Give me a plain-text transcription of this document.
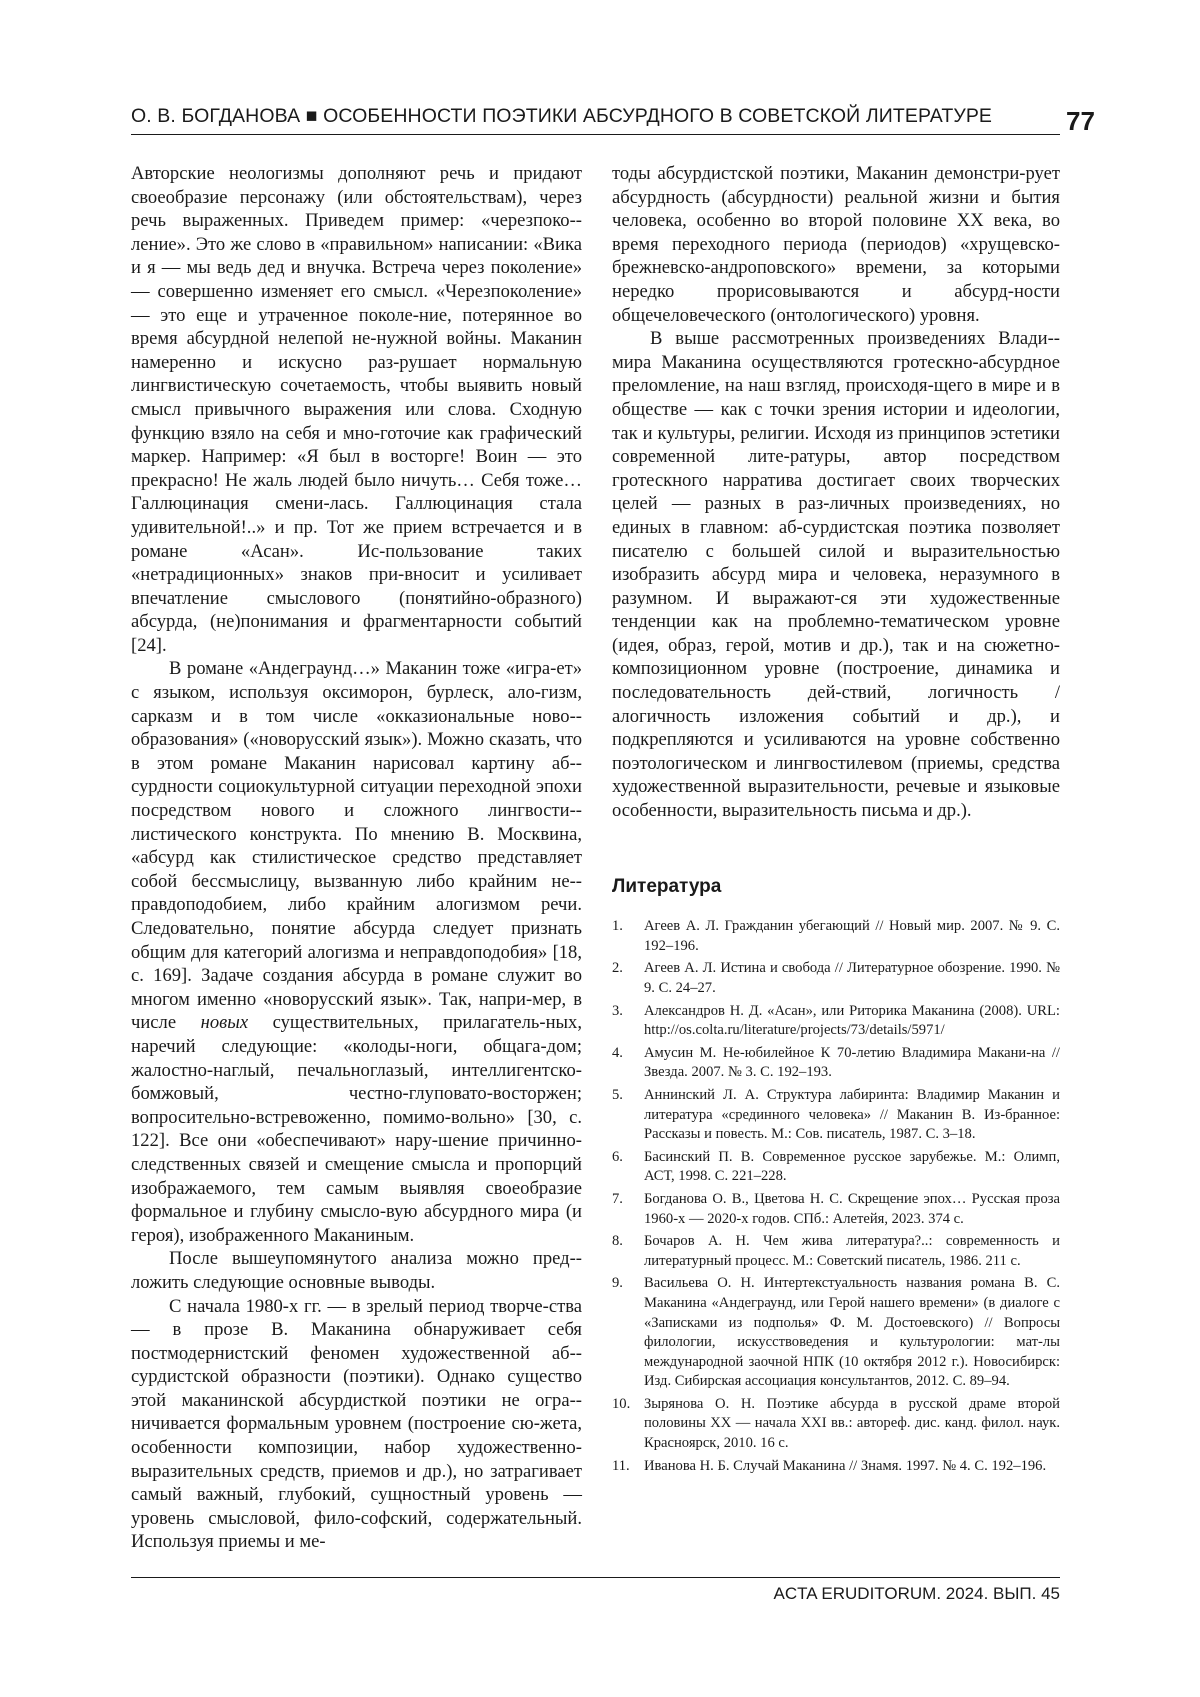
О. В. БОГДАНОВА ■ ОСОБЕННОСТИ ПОЭТИКИ АБСУРДНОГО В СОВЕТСКОЙ ЛИТЕРАТУРЕ	77

Авторские неологизмы дополняют речь и придают своеобразие персонажу (или обстоятельствам), через речь выраженных. Приведем пример: «черезпоко-ление». Это же слово в «правильном» написании: «Вика и я — мы ведь дед и внучка. Встреча через поколение» — совершенно изменяет его смысл. «Черезпоколение» — это еще и утраченное поколе-ние, потерянное во время абсурдной нелепой не-нужной войны. Маканин намеренно и искусно раз-рушает нормальную лингвистическую сочетаемость, чтобы выявить новый смысл привычного выражения или слова. Сходную функцию взяло на себя и мно-готочие как графический маркер. Например: «Я был в восторге! Воин — это прекрасно! Не жаль людей было ничуть… Себя тоже… Галлюцинация смени-лась. Галлюцинация стала удивительной!..» и пр. Тот же прием встречается и в романе «Асан». Ис-пользование таких «нетрадиционных» знаков при-вносит и усиливает впечатление смыслового (понятийно-образного) абсурда, (не)понимания и фрагментарности событий [24].

В романе «Андеграунд…» Маканин тоже «игра-ет» с языком, используя оксиморон, бурлеск, ало-гизм, сарказм и в том числе «окказиональные ново-образования» («новорусский язык»). Можно сказать, что в этом романе Маканин нарисовал картину аб-сурдности социокультурной ситуации переходной эпохи посредством нового и сложного лингвости-листического конструкта. По мнению В. Москвина, «абсурд как стилистическое средство представляет собой бессмыслицу, вызванную либо крайним не-правдоподобием, либо крайним алогизмом речи. Следовательно, понятие абсурда следует признать общим для категорий алогизма и неправдоподобия» [18, с. 169]. Задаче создания абсурда в романе служит во многом именно «новорусский язык». Так, напри-мер, в числе новых существительных, прилагатель-ных, наречий следующие: «колоды-ноги, общага-дом; жалостно-наглый, печальноглазый, интеллигентско-бомжовый, честно-глуповато-восторжен; вопросительно-встревоженно, помимо-вольно» [30, с. 122]. Все они «обеспечивают» нару-шение причинно-следственных связей и смещение смысла и пропорций изображаемого, тем самым выявляя своеобразие формальное и глубину смысло-вую абсурдного мира (и героя), изображенного Маканиным.

После вышеупомянутого анализа можно пред-ложить следующие основные выводы.

С начала 1980-х гг. — в зрелый период творче-ства — в прозе В. Маканина обнаруживает себя постмодернистский феномен художественной аб-сурдистской образности (поэтики). Однако существо этой маканинской абсурдисткой поэтики не огра-ничивается формальным уровнем (построение сю-жета, особенности композиции, набор художественно-выразительных средств, приемов и др.), но затрагивает самый важный, глубокий, сущностный уровень — уровень смысловой, фило-софский, содержательный. Используя приемы и ме-

тоды абсурдистской поэтики, Маканин демонстри-рует абсурдность (абсурдности) реальной жизни и бытия человека, особенно во второй половине XX века, во время переходного периода (периодов) «хрущевско-брежневско-андроповского» времени, за которыми нередко прорисовываются и абсурд-ности общечеловеческого (онтологического) уровня.

В выше рассмотренных произведениях Влади-мира Маканина осуществляются гротескно-абсурдное преломление, на наш взгляд, происходя-щего в мире и в обществе — как с точки зрения истории и идеологии, так и культуры, религии. Исходя из принципов эстетики современной лите-ратуры, автор посредством гротескного нарратива достигает своих творческих целей — разных в раз-личных произведениях, но единых в главном: аб-сурдистская поэтика позволяет писателю с большей силой и выразительностью изобразить абсурд мира и человека, неразумного в разумном. И выражают-ся эти художественные тенденции как на проблемно-тематическом уровне (идея, образ, герой, мотив и др.), так и на сюжетно-композиционном уровне (построение, динамика и последовательность дей-ствий, логичность / алогичность изложения событий и др.), и подкрепляются и усиливаются на уровне собственно поэтологическом и лингвостилевом (приемы, средства художественной выразительности, речевые и языковые особенности, выразительность письма и др.).

Литература
1. Агеев А. Л. Гражданин убегающий // Новый мир. 2007. № 9. С. 192–196.
2. Агеев А. Л. Истина и свобода // Литературное обозрение. 1990. № 9. С. 24–27.
3. Александров Н. Д. «Асан», или Риторика Маканина (2008). URL: http://os.colta.ru/literature/projects/73/details/5971/
4. Амусин М. Не-юбилейное К 70-летию Владимира Макани-на // Звезда. 2007. № 3. С. 192–193.
5. Аннинский Л. А. Структура лабиринта: Владимир Маканин и литература «срединного человека» // Маканин В. Из-бранное: Рассказы и повесть. М.: Сов. писатель, 1987. С. 3–18.
6. Басинский П. В. Современное русское зарубежье. М.: Олимп, АСТ, 1998. С. 221–228.
7. Богданова О. В., Цветова Н. С. Скрещение эпох… Русская проза 1960-х — 2020-х годов. СПб.: Алетейя, 2023. 374 с.
8. Бочаров А. Н. Чем жива литература?..: современность и литературный процесс. М.: Советский писатель, 1986. 211 с.
9. Васильева О. Н. Интертекстуальность названия романа В. С. Маканина «Андеграунд, или Герой нашего времени» (в диалоге с «Записками из подполья» Ф. М. Достоевского) // Вопросы филологии, искусствоведения и культурологии: мат-лы международной заочной НПК (10 октября 2012 г.). Новосибирск: Изд. Сибирская ассоциация консультантов, 2012. С. 89–94.
10. Зырянова О. Н. Поэтике абсурда в русской драме второй половины XX — начала XXI вв.: автореф. дис. канд. филол. наук. Красноярск, 2010. 16 с.
11. Иванова Н. Б. Случай Маканина // Знамя. 1997. № 4. С. 192–196.
ACTA ERUDITORUM. 2024. ВЫП. 45
